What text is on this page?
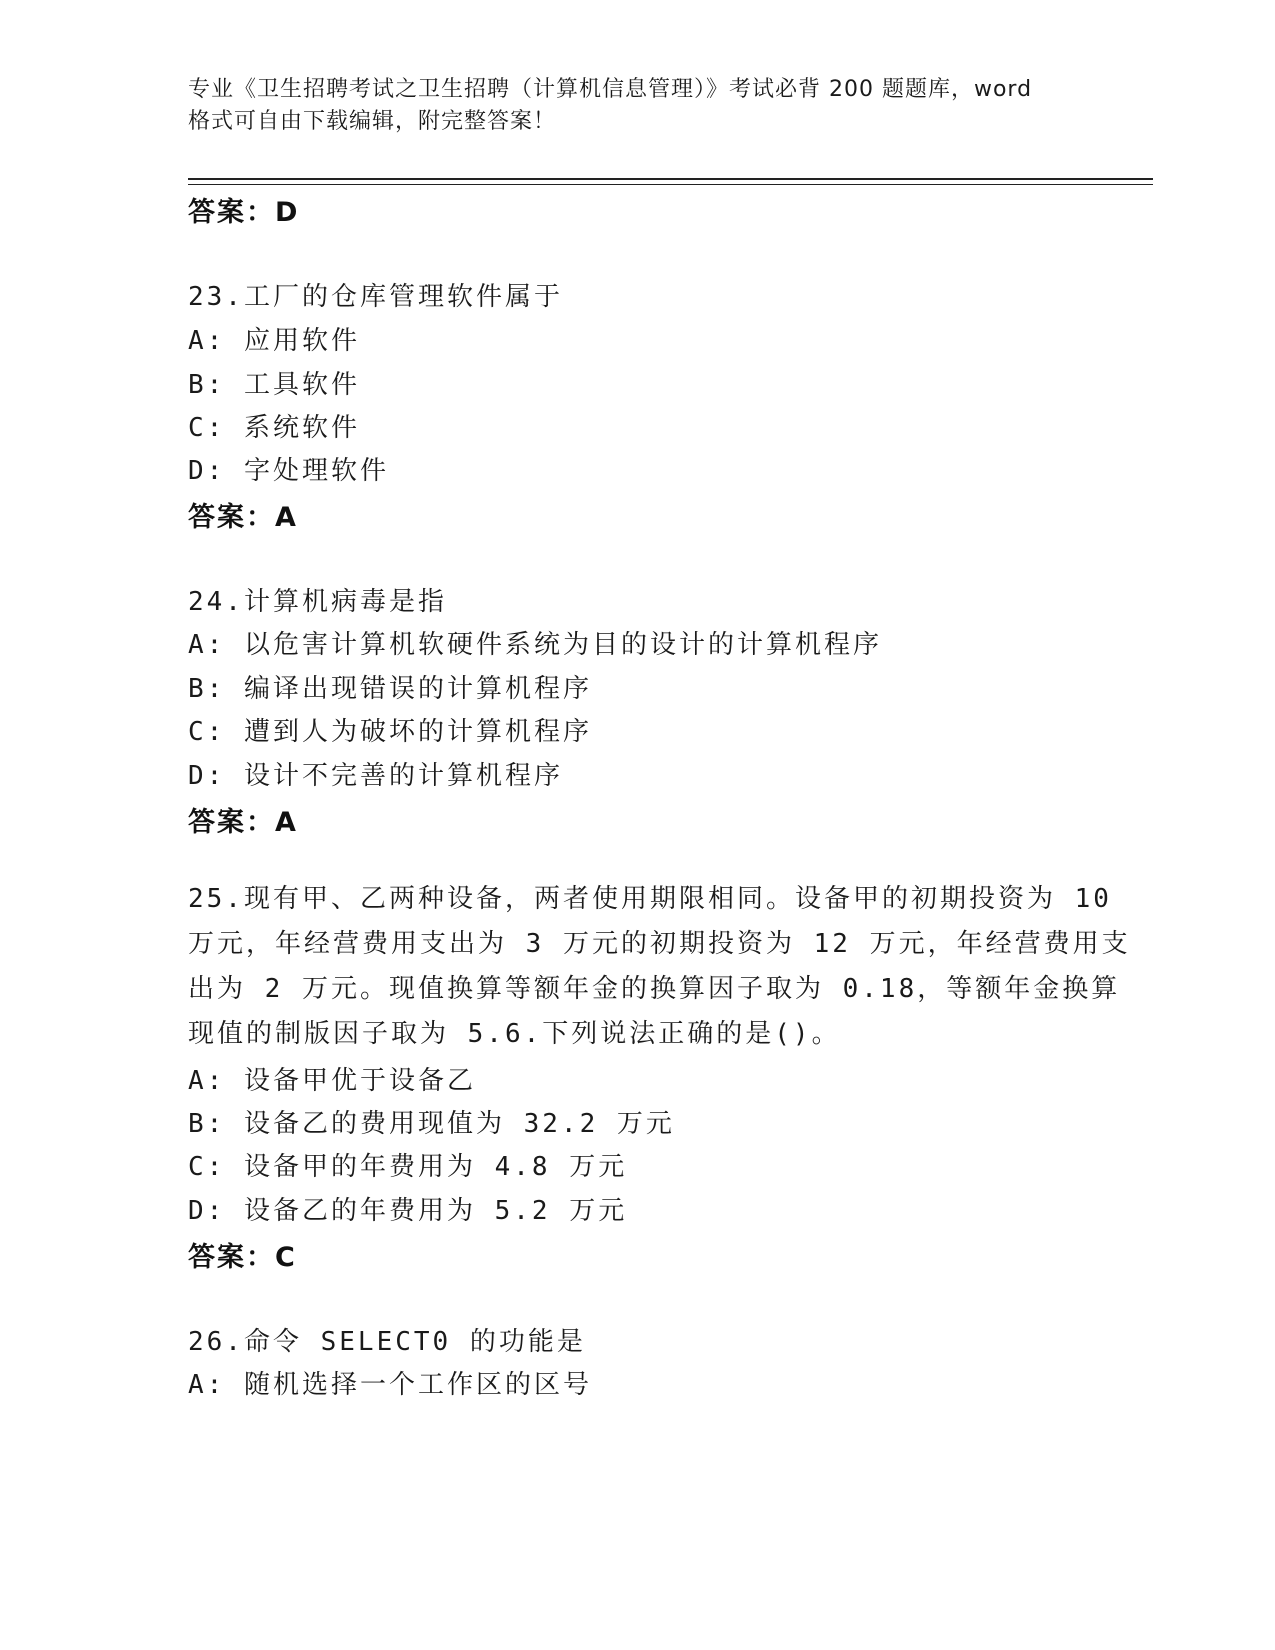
专业《卫生招聘考试之卫生招聘（计算机信息管理）》考试必背 200 题题库，word
格式可自由下载编辑，附完整答案！
答案：D
23.工厂的仓库管理软件属于
A: 应用软件
B: 工具软件
C: 系统软件
D: 字处理软件
答案：A
24.计算机病毒是指
A: 以危害计算机软硬件系统为目的设计的计算机程序
B: 编译出现错误的计算机程序
C: 遭到人为破坏的计算机程序
D: 设计不完善的计算机程序
答案：A
25.现有甲、乙两种设备，两者使用期限相同。设备甲的初期投资为 10
万元，年经营费用支出为 3 万元的初期投资为 12 万元，年经营费用支
出为 2 万元。现值换算等额年金的换算因子取为 0.18，等额年金换算
现值的制版因子取为 5.6.下列说法正确的是()。
A: 设备甲优于设备乙
B: 设备乙的费用现值为 32.2 万元
C: 设备甲的年费用为 4.8 万元
D: 设备乙的年费用为 5.2 万元
答案：C
26.命令 SELECT0 的功能是
A: 随机选择一个工作区的区号
